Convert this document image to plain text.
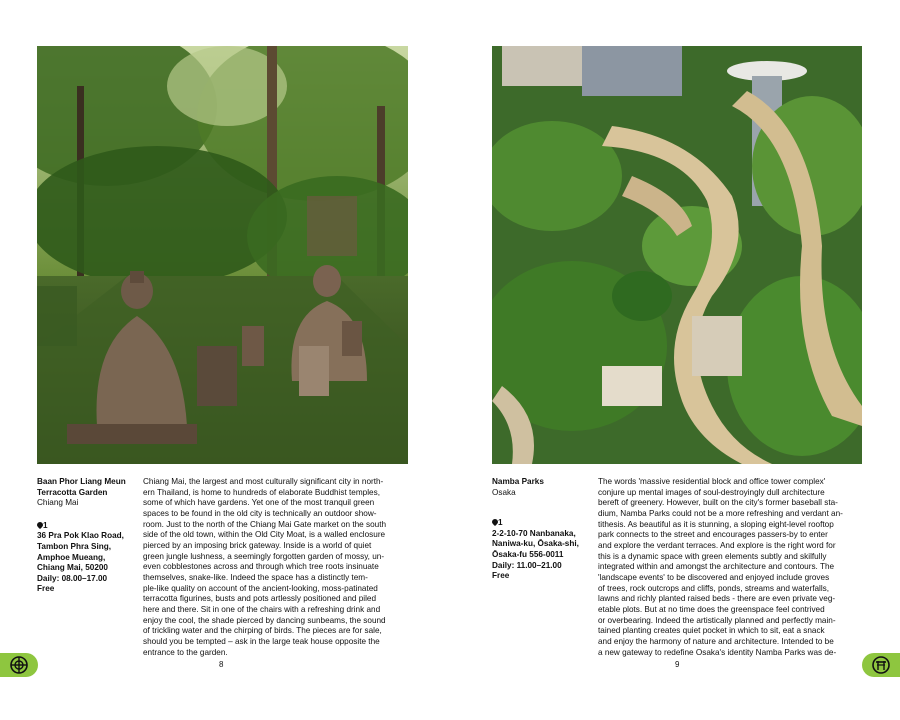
Baan Phor Liang Meun
Terracotta Garden
Chiang Mai
1
36 Pra Pok Klao Road,
Tambon Phra Sing,
Amphoe Mueang,
Chiang Mai, 50200
Daily: 08.00–17.00
Free
Chiang Mai, the largest and most culturally significant city in north-
ern Thailand, is home to hundreds of elaborate Buddhist temples,
some of which have gardens. Yet one of the most tranquil green
spaces to be found in the old city is technically an outdoor show-
room. Just to the north of the Chiang Mai Gate market on the south
side of the old town, within the Old City Moat, is a walled enclosure
pierced by an imposing brick gateway. Inside is a world of quiet
green jungle lushness, a seemingly forgotten garden of mossy, un-
even cobblestones across and through which tree roots insinuate
themselves, snake-like. Indeed the space has a distinctly tem-
ple-like quality on account of the ancient-looking, moss-patinated
terracotta figurines, busts and pots artlessly positioned and piled
here and there. Sit in one of the chairs with a refreshing drink and
enjoy the cool, the shade pierced by dancing sunbeams, the sound
of trickling water and the chirping of birds. The pieces are for sale,
should you be tempted – ask in the large teak house opposite the
entrance to the garden.
8
Namba Parks
Osaka
1
2-2-10-70 Nanbanaka,
Naniwa-ku, Ōsaka-shi,
Ōsaka-fu 556-0011
Daily: 11.00–21.00
Free
The words 'massive residential block and office tower complex'
conjure up mental images of soul-destroyingly dull architecture
bereft of greenery. However, built on the city's former baseball sta-
dium, Namba Parks could not be a more refreshing and verdant an-
tithesis. As beautiful as it is stunning, a sloping eight-level rooftop
park connects to the street and encourages passers-by to enter
and explore the verdant terraces. And explore is the right word for
this is a dynamic space with green elements subtly and skilfully
integrated within and amongst the architecture and contours. The
'landscape events' to be discovered and enjoyed include groves
of trees, rock outcrops and cliffs, ponds, streams and waterfalls,
lawns and richly planted raised beds - there are even private veg-
etable plots. But at no time does the greenspace feel contrived
or overbearing. Indeed the artistically planned and perfectly main-
tained planting creates quiet pocket in which to sit, eat a snack
and enjoy the harmony of nature and architecture. Intended to be
a new gateway to redefine Osaka's identity Namba Parks was de-
9
